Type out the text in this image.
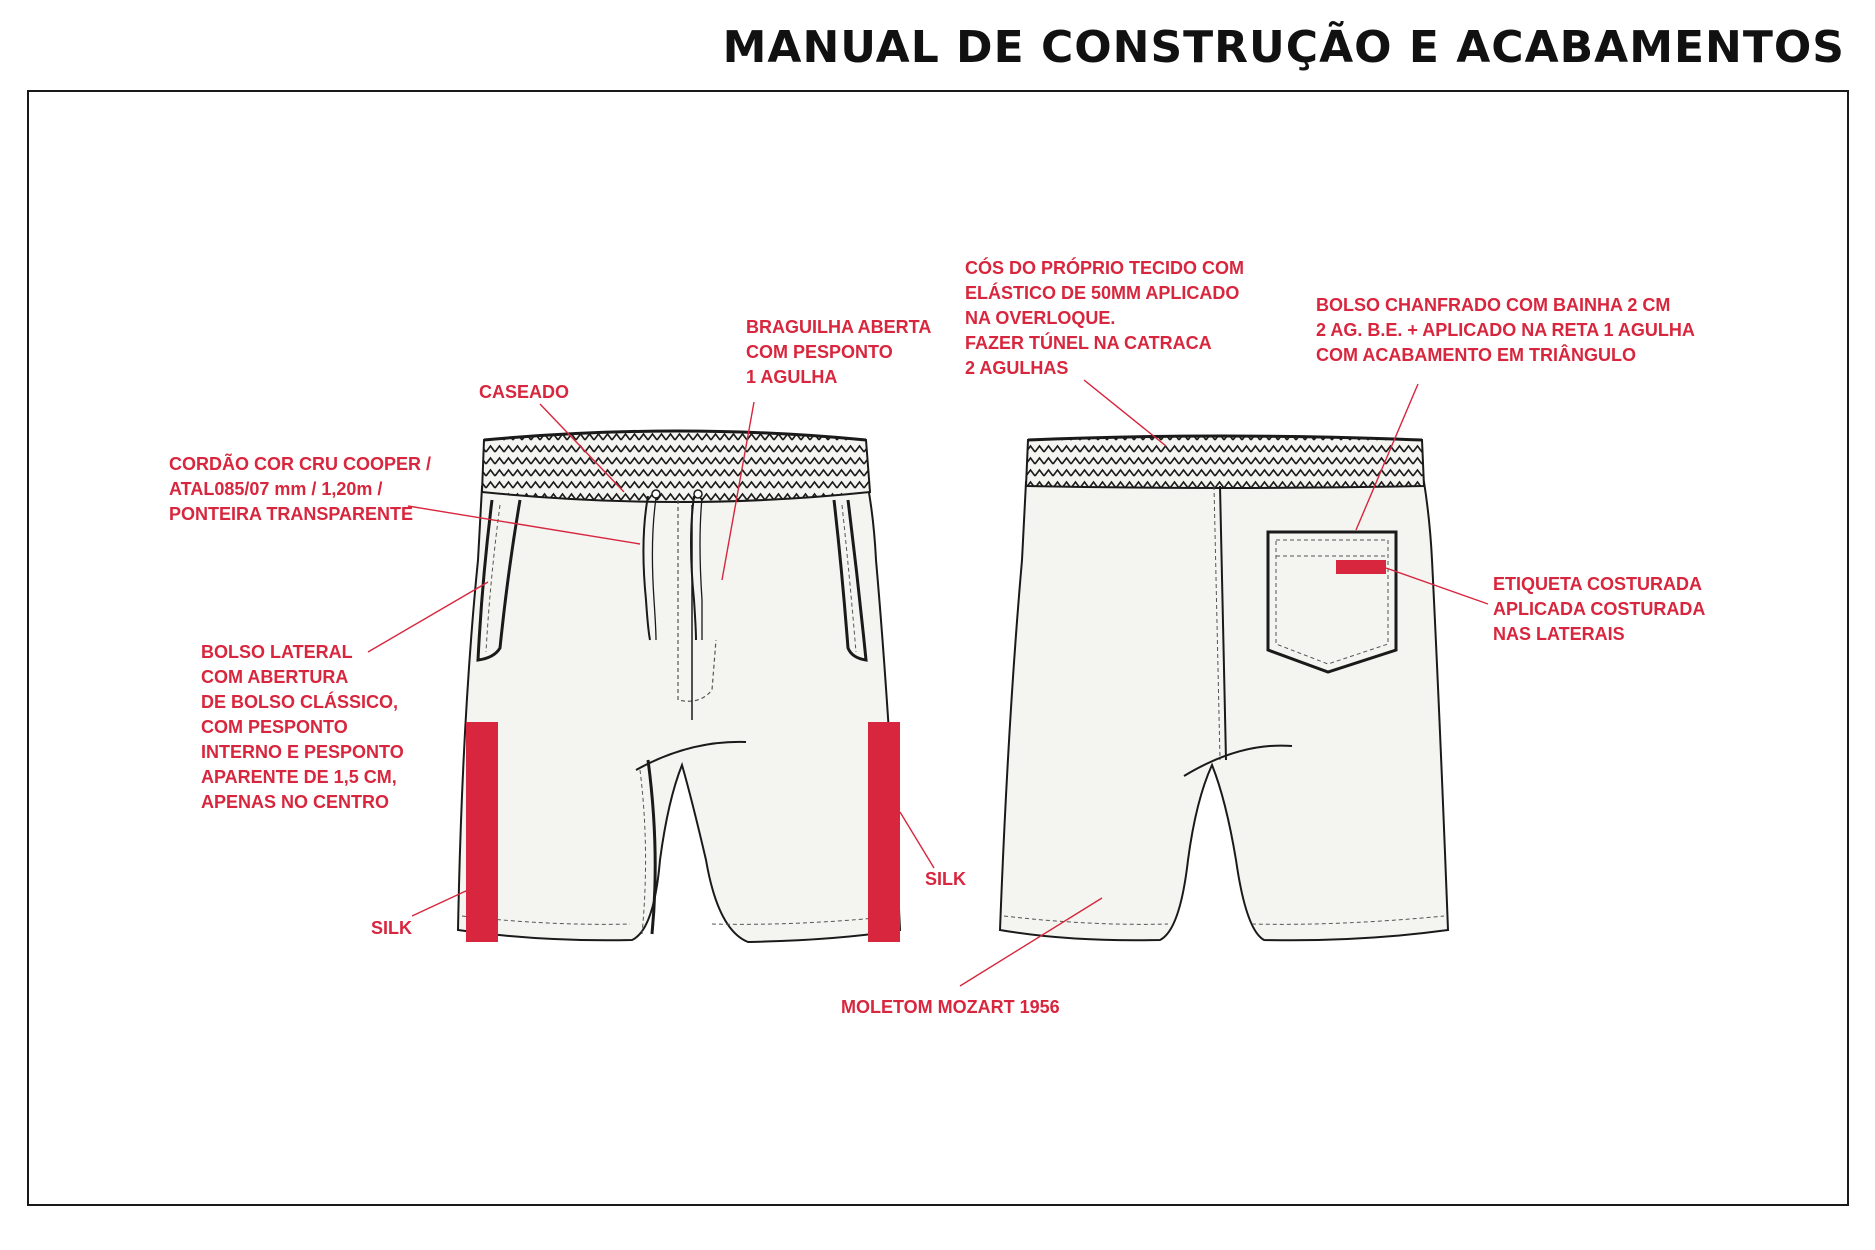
MANUAL DE CONSTRUÇÃO E ACABAMENTOS
CASEADO
BRAGUILHA ABERTA
COM PESPONTO
1 AGULHA
CORDÃO COR CRU COOPER /
ATAL085/07 mm / 1,20m /
PONTEIRA TRANSPARENTE
BOLSO LATERAL
COM ABERTURA
DE BOLSO CLÁSSICO,
COM PESPONTO
INTERNO E PESPONTO
APARENTE DE 1,5 CM,
APENAS NO CENTRO
SILK
SILK
CÓS DO PRÓPRIO TECIDO COM
ELÁSTICO DE 50MM APLICADO
NA OVERLOQUE.
FAZER TÚNEL NA CATRACA
2 AGULHAS
BOLSO CHANFRADO COM BAINHA 2 CM
2 AG. B.E. + APLICADO NA RETA 1 AGULHA
COM ACABAMENTO EM TRIÂNGULO
ETIQUETA COSTURADA
APLICADA COSTURADA
NAS LATERAIS
MOLETOM MOZART 1956
